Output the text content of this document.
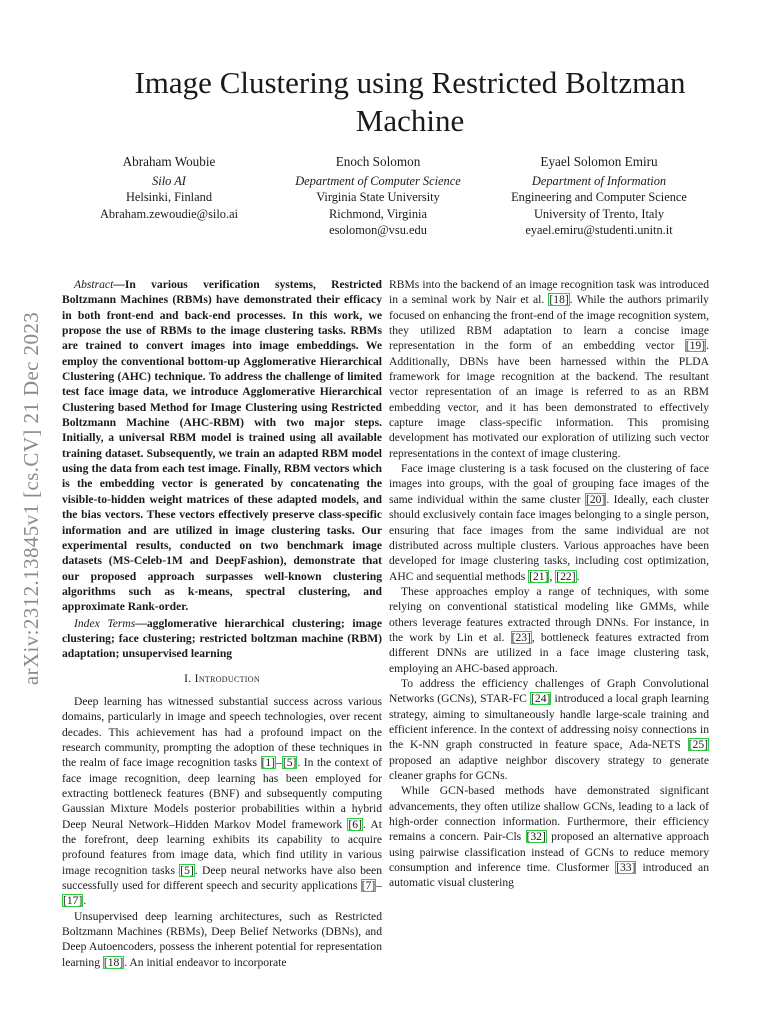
arXiv:2312.13845v1 [cs.CV] 21 Dec 2023
Image Clustering using Restricted Boltzman Machine
Abraham Woubie
Silo AI
Helsinki, Finland
Abraham.zewoudie@silo.ai
Enoch Solomon
Department of Computer Science
Virginia State University
Richmond, Virginia
esolomon@vsu.edu
Eyael Solomon Emiru
Department of Information
Engineering and Computer Science
University of Trento, Italy
eyael.emiru@studenti.unitn.it

Abstract—In various verification systems, Restricted Boltzmann Machines (RBMs) have demonstrated their efficacy in both front-end and back-end processes. In this work, we propose the use of RBMs to the image clustering tasks. RBMs are trained to convert images into image embeddings. We employ the conventional bottom-up Agglomerative Hierarchical Clustering (AHC) technique. To address the challenge of limited test face image data, we introduce Agglomerative Hierarchical Clustering based Method for Image Clustering using Restricted Boltzmann Machine (AHC-RBM) with two major steps. Initially, a universal RBM model is trained using all available training dataset. Subsequently, we train an adapted RBM model using the data from each test image. Finally, RBM vectors which is the embedding vector is generated by concatenating the visible-to-hidden weight matrices of these adapted models, and the bias vectors. These vectors effectively preserve class-specific information and are utilized in image clustering tasks. Our experimental results, conducted on two benchmark image datasets (MS-Celeb-1M and DeepFashion), demonstrate that our proposed approach surpasses well-known clustering algorithms such as k-means, spectral clustering, and approximate Rank-order.

Index Terms—agglomerative hierarchical clustering; image clustering; face clustering; restricted boltzman machine (RBM) adaptation; unsupervised learning

I. Introduction

Deep learning has witnessed substantial success across various domains, particularly in image and speech technologies, over recent decades. This achievement has had a profound impact on the research community, prompting the adoption of these techniques in the realm of face image recognition tasks [1]–[5]. In the context of face image recognition, deep learning has been employed for extracting bottleneck features (BNF) and subsequently computing Gaussian Mixture Models posterior probabilities within a hybrid Deep Neural Network–Hidden Markov Model framework [6]. At the forefront, deep learning exhibits its capability to acquire profound features from image data, which find utility in various image recognition tasks [5]. Deep neural networks have also been successfully used for different speech and security applications [7]–[17].

Unsupervised deep learning architectures, such as Restricted Boltzmann Machines (RBMs), Deep Belief Networks (DBNs), and Deep Autoencoders, possess the inherent potential for representation learning [18]. An initial endeavor to incorporate

RBMs into the backend of an image recognition task was introduced in a seminal work by Nair et al. [18]. While the authors primarily focused on enhancing the front-end of the image recognition system, they utilized RBM adaptation to learn a concise image representation in the form of an embedding vector [19]. Additionally, DBNs have been harnessed within the PLDA framework for image recognition at the backend. The resultant vector representation of an image is referred to as an RBM embedding vector, and it has been demonstrated to effectively capture image class-specific information. This promising development has motivated our exploration of utilizing such vector representations in the context of image clustering.

Face image clustering is a task focused on the clustering of face images into groups, with the goal of grouping face images of the same individual within the same cluster [20]. Ideally, each cluster should exclusively contain face images belonging to a single person, ensuring that face images from the same individual are not distributed across multiple clusters. Various approaches have been developed for image clustering tasks, including cost optimization, AHC and sequential methods [21], [22].

These approaches employ a range of techniques, with some relying on conventional statistical modeling like GMMs, while others leverage features extracted through DNNs. For instance, in the work by Lin et al. [23], bottleneck features extracted from different DNNs are utilized in a face image clustering task, employing an AHC-based approach.

To address the efficiency challenges of Graph Convolutional Networks (GCNs), STAR-FC [24] introduced a local graph learning strategy, aiming to simultaneously handle large-scale training and efficient inference. In the context of addressing noisy connections in the K-NN graph constructed in feature space, Ada-NETS [25] proposed an adaptive neighbor discovery strategy to generate cleaner graphs for GCNs.

While GCN-based methods have demonstrated significant advancements, they often utilize shallow GCNs, leading to a lack of high-order connection information. Furthermore, their efficiency remains a concern. Pair-Cls [32] proposed an alternative approach using pairwise classification instead of GCNs to reduce memory consumption and inference time. Clusformer [33] introduced an automatic visual clustering
